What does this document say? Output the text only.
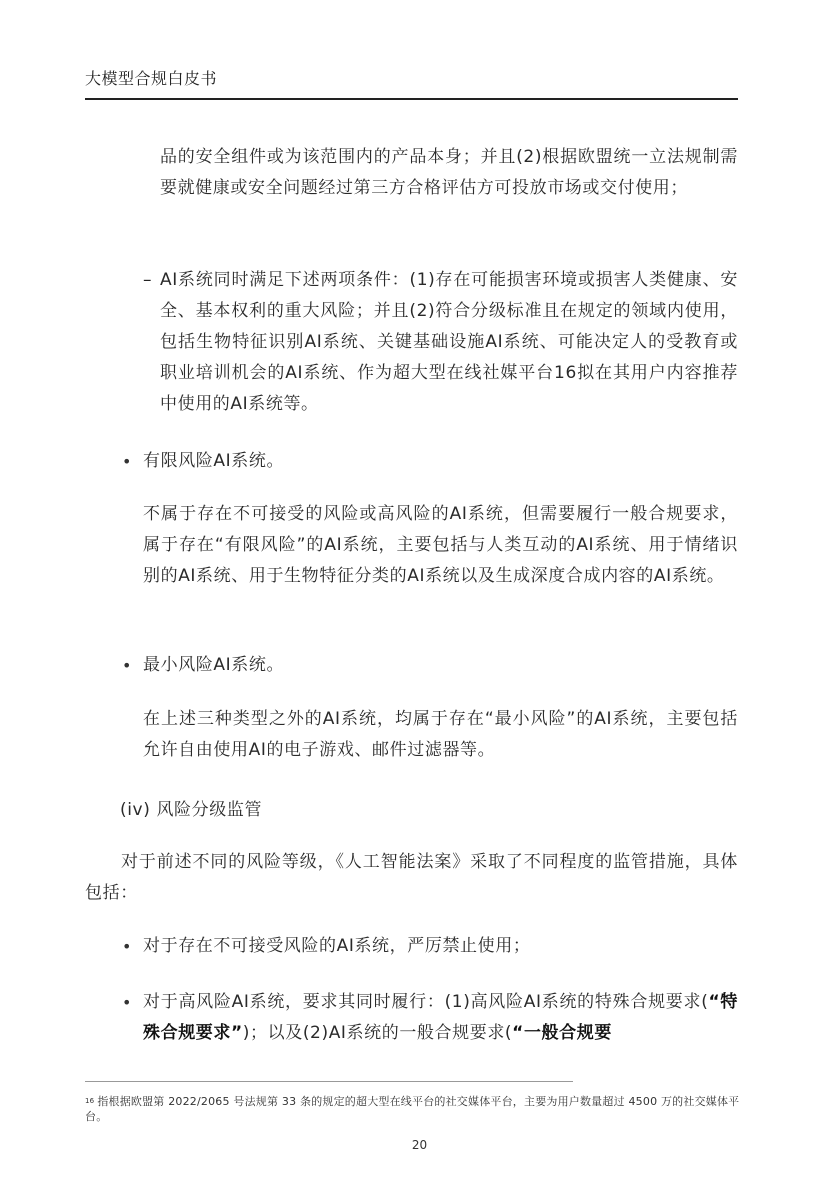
大模型合规白皮书
品的安全组件或为该范围内的产品本身；并且(2)根据欧盟统一立法规制需要就健康或安全问题经过第三方合格评估方可投放市场或交付使用；
– AI系统同时满足下述两项条件：(1)存在可能损害环境或损害人类健康、安全、基本权利的重大风险；并且(2)符合分级标准且在规定的领域内使用，包括生物特征识别AI系统、关键基础设施AI系统、可能决定人的受教育或职业培训机会的AI系统、作为超大型在线社媒平台16拟在其用户内容推荐中使用的AI系统等。
• 有限风险AI系统。
不属于存在不可接受的风险或高风险的AI系统，但需要履行一般合规要求，属于存在“有限风险”的AI系统，主要包括与人类互动的AI系统、用于情绪识别的AI系统、用于生物特征分类的AI系统以及生成深度合成内容的AI系统。
• 最小风险AI系统。
在上述三种类型之外的AI系统，均属于存在“最小风险”的AI系统，主要包括允许自由使用AI的电子游戏、邮件过滤器等。
(iv) 风险分级监管
对于前述不同的风险等级，《人工智能法案》采取了不同程度的监管措施，具体包括：
• 对于存在不可接受风险的AI系统，严厉禁止使用；
• 对于高风险AI系统，要求其同时履行：(1)高风险AI系统的特殊合规要求(“特殊合规要求”)；以及(2)AI系统的一般合规要求(“一般合规要
$^{16}$ 指根据欧盟第 2022/2065 号法规第 33 条的规定的超大型在线平台的社交媒体平台，主要为用户数量超过 4500 万的社交媒体平台。
20
